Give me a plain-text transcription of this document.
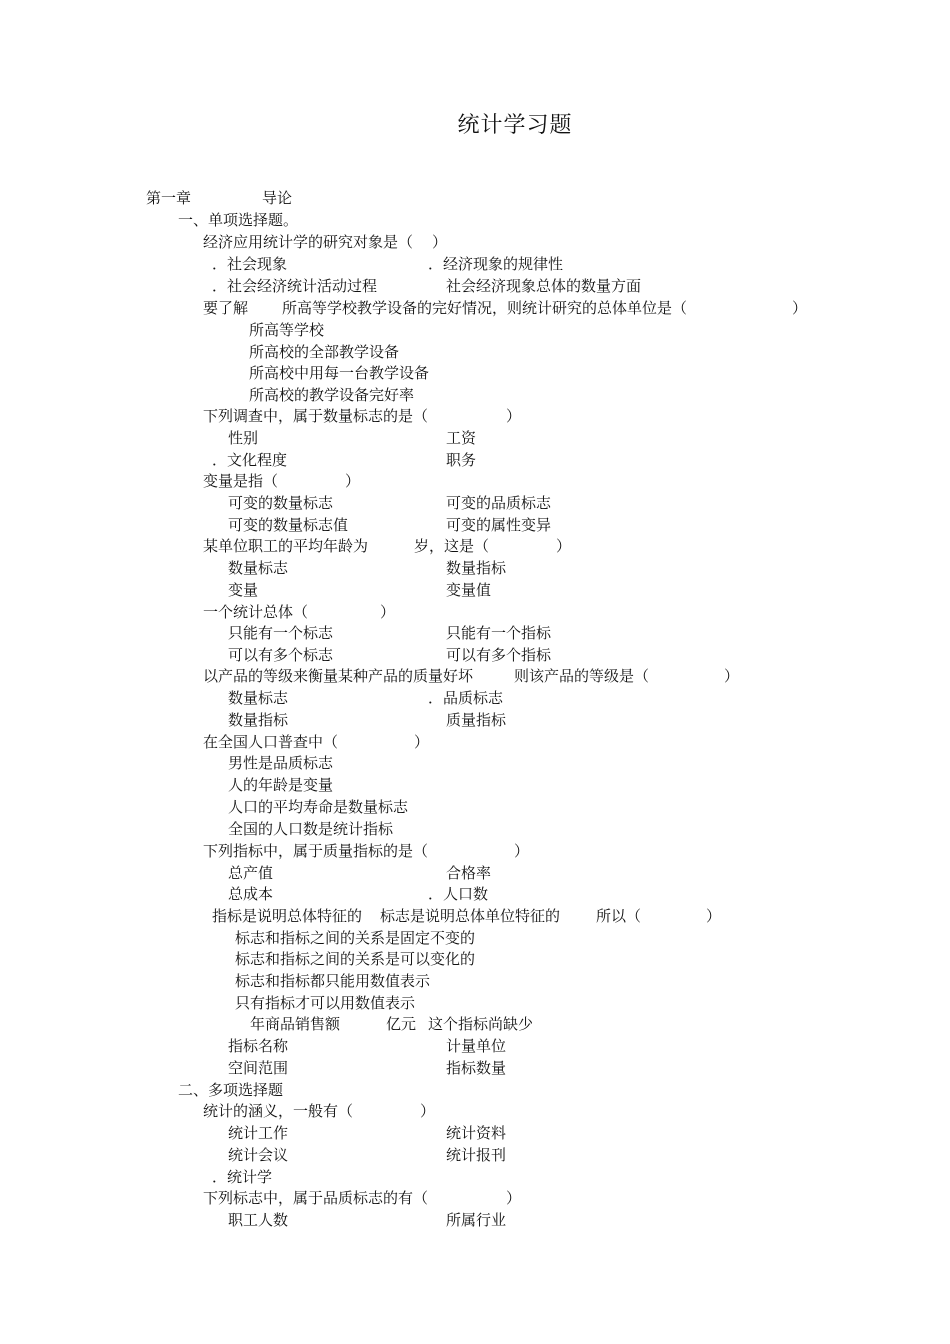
统计学习题
第一章	导论
一、单项选择题。
经济应用统计学的研究对象是（ ）
．社会现象	．经济现象的规律性
．社会经济统计活动过程	社会经济现象总体的数量方面
要了解 所高等学校教学设备的完好情况，则统计研究的总体单位是（	）
所高等学校
所高校的全部教学设备
所高校中用每一台教学设备
所高校的教学设备完好率
下列调查中，属于数量标志的是（	）
性别	工资
．文化程度	职务
变量是指（	）
可变的数量标志	可变的品质标志
可变的数量标志值	可变的属性变异
某单位职工的平均年龄为	岁，这是（	）
数量标志	数量指标
变量	变量值
一个统计总体（	）
只能有一个标志	只能有一个指标
可以有多个标志	可以有多个指标
以产品的等级来衡量某种产品的质量好坏	则该产品的等级是（	）
数量标志	．品质标志
数量指标	质量指标
在全国人口普查中（	）
男性是品质标志
人的年龄是变量
人口的平均寿命是数量标志
全国的人口数是统计指标
下列指标中，属于质量指标的是（	）
总产值	合格率
总成本	．人口数
指标是说明总体特征的 标志是说明总体单位特征的 所以（	）
标志和指标之间的关系是固定不变的
标志和指标之间的关系是可以变化的
标志和指标都只能用数值表示
只有指标才可以用数值表示
年商品销售额	亿元 这个指标尚缺少
指标名称	计量单位
空间范围	指标数量
二、多项选择题
统计的涵义，一般有（	）
统计工作	统计资料
统计会议	统计报刊
．统计学
下列标志中，属于品质标志的有（	）
职工人数	所属行业
